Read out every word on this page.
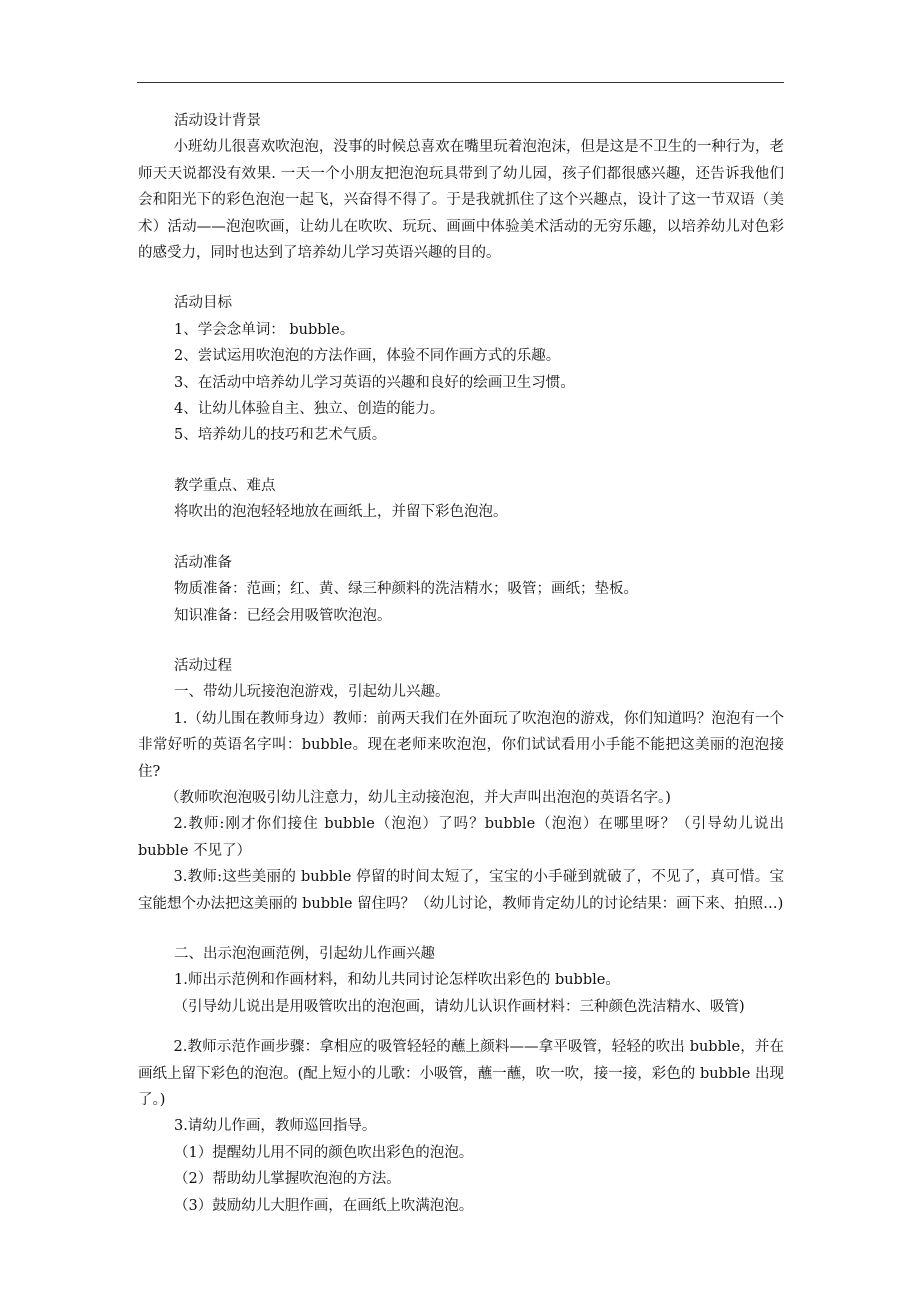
活动设计背景

小班幼儿很喜欢吹泡泡，没事的时候总喜欢在嘴里玩着泡泡沫，但是这是不卫生的一种行为，老师天天说都没有效果. 一天一个小朋友把泡泡玩具带到了幼儿园，孩子们都很感兴趣，还告诉我他们会和阳光下的彩色泡泡一起飞，兴奋得不得了。于是我就抓住了这个兴趣点，设计了这一节双语（美术）活动——泡泡吹画，让幼儿在吹吹、玩玩、画画中体验美术活动的无穷乐趣，以培养幼儿对色彩的感受力，同时也达到了培养幼儿学习英语兴趣的目的。

活动目标

1、学会念单词： bubble。

2、尝试运用吹泡泡的方法作画，体验不同作画方式的乐趣。

3、在活动中培养幼儿学习英语的兴趣和良好的绘画卫生习惯。

4、让幼儿体验自主、独立、创造的能力。

5、培养幼儿的技巧和艺术气质。

教学重点、难点

将吹出的泡泡轻轻地放在画纸上，并留下彩色泡泡。

活动准备

物质准备：范画；红、黄、绿三种颜料的洗洁精水；吸管；画纸；垫板。

知识准备：已经会用吸管吹泡泡。

活动过程

一、带幼儿玩接泡泡游戏，引起幼儿兴趣。

1.（幼儿围在教师身边）教师：前两天我们在外面玩了吹泡泡的游戏，你们知道吗？泡泡有一个非常好听的英语名字叫：bubble。现在老师来吹泡泡，你们试试看用小手能不能把这美丽的泡泡接住?

（教师吹泡泡吸引幼儿注意力，幼儿主动接泡泡，并大声叫出泡泡的英语名字。)

2.教师:刚才你们接住 bubble（泡泡）了吗？bubble（泡泡）在哪里呀？（引导幼儿说出 bubble 不见了）

3.教师:这些美丽的 bubble 停留的时间太短了，宝宝的小手碰到就破了，不见了，真可惜。宝宝能想个办法把这美丽的 bubble 留住吗？（幼儿讨论，教师肯定幼儿的讨论结果：画下来、拍照…)

二、出示泡泡画范例，引起幼儿作画兴趣

1.师出示范例和作画材料，和幼儿共同讨论怎样吹出彩色的 bubble。

（引导幼儿说出是用吸管吹出的泡泡画，请幼儿认识作画材料：三种颜色洗洁精水、吸管)

2.教师示范作画步骤：拿相应的吸管轻轻的蘸上颜料——拿平吸管，轻轻的吹出 bubble，并在画纸上留下彩色的泡泡。(配上短小的儿歌：小吸管，蘸一蘸，吹一吹，接一接，彩色的 bubble 出现了。)

3.请幼儿作画，教师巡回指导。

（1）提醒幼儿用不同的颜色吹出彩色的泡泡。

（2）帮助幼儿掌握吹泡泡的方法。

（3）鼓励幼儿大胆作画，在画纸上吹满泡泡。
